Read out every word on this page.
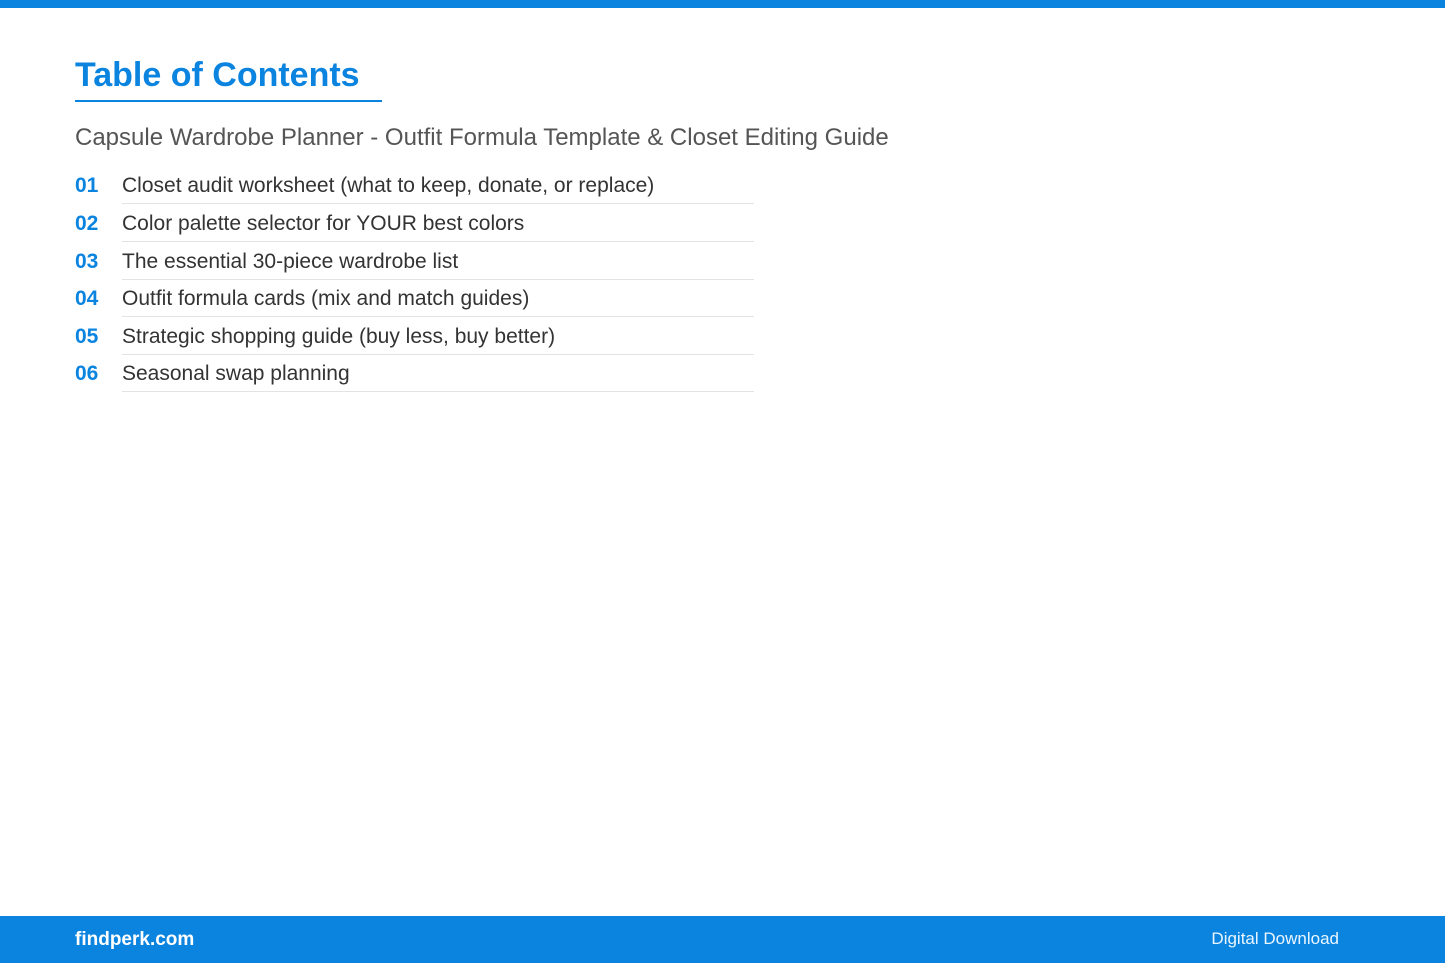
Table of Contents
Capsule Wardrobe Planner - Outfit Formula Template & Closet Editing Guide
01	Closet audit worksheet (what to keep, donate, or replace)
02	Color palette selector for YOUR best colors
03	The essential 30-piece wardrobe list
04	Outfit formula cards (mix and match guides)
05	Strategic shopping guide (buy less, buy better)
06	Seasonal swap planning
findperk.com	Digital Download
